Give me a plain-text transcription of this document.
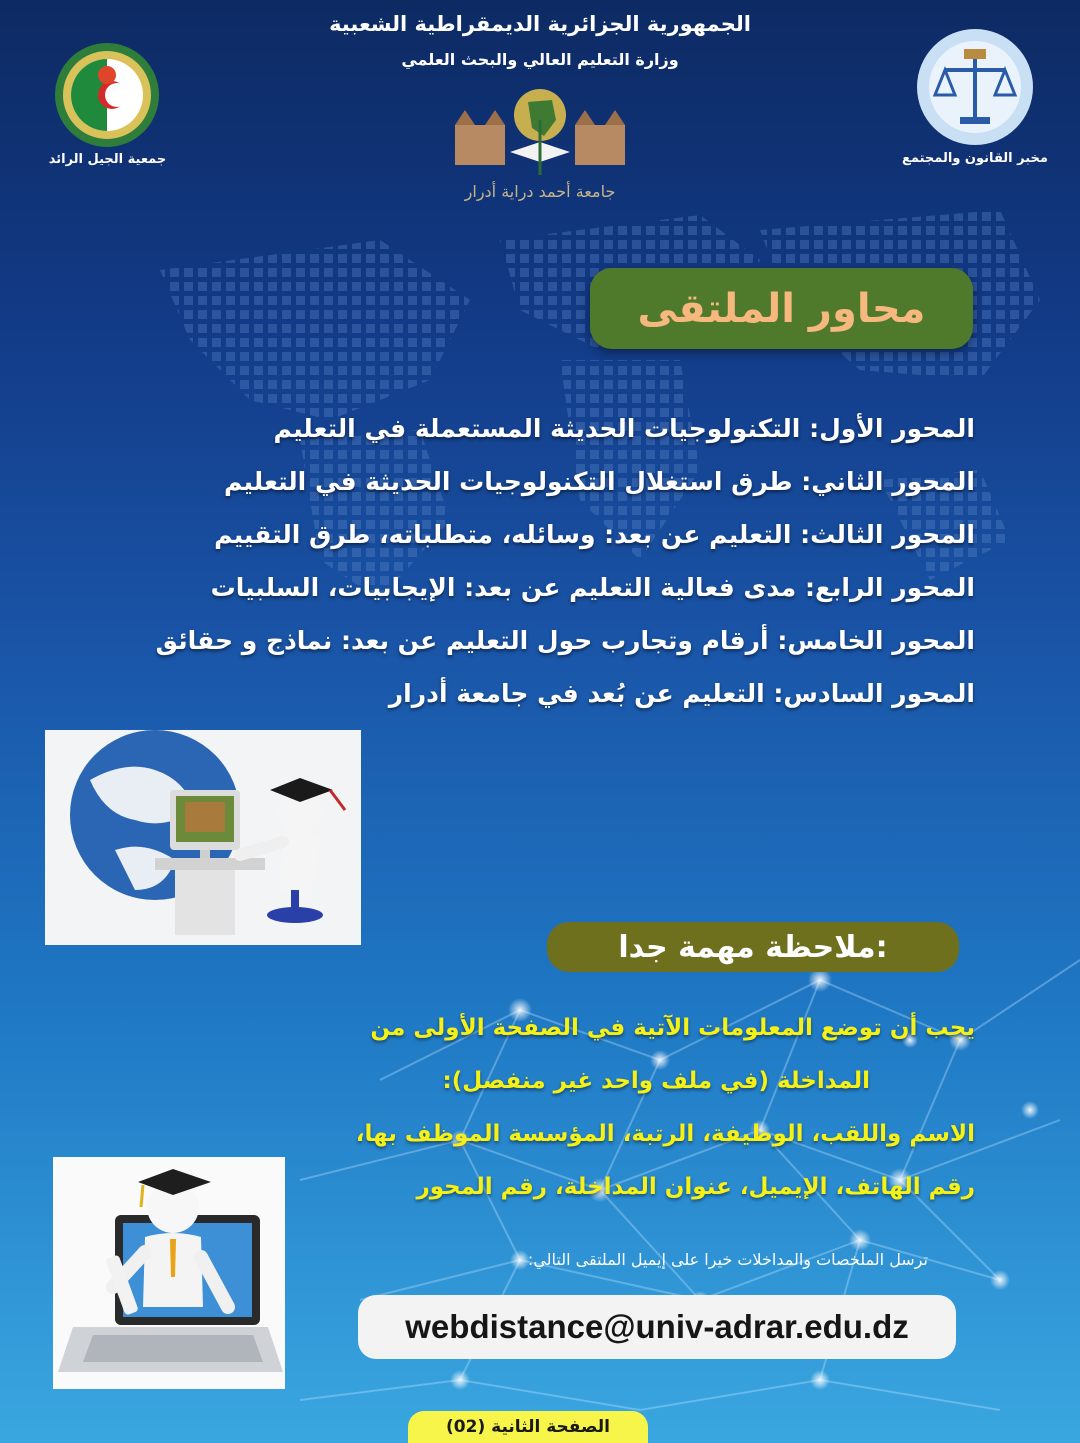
الجمهورية الجزائرية الديمقراطية الشعبية
وزارة التعليم العالي والبحث العلمي
جمعية الجيل الرائد
جامعة أحمد دراية أدرار
مخبر القانون والمجتمع
محاور الملتقى
المحور الأول: التكنولوجيات الحديثة المستعملة في التعليم
المحور الثاني: طرق استغلال التكنولوجيات الحديثة في التعليم
المحور الثالث: التعليم عن بعد: وسائله، متطلباته، طرق التقييم
المحور الرابع: مدى فعالية التعليم عن بعد: الإيجابيات، السلبيات
المحور الخامس: أرقام وتجارب حول التعليم عن بعد: نماذج و حقائق
المحور السادس: التعليم عن بُعد في جامعة أدرار
ملاحظة مهمة جدا:
يجب أن توضع المعلومات الآتية في الصفحة الأولى من
المداخلة (في ملف واحد غير منفصل):
الاسم واللقب، الوظيفة، الرتبة، المؤسسة الموظف بها،
رقم الهاتف، الإيميل، عنوان المداخلة، رقم المحور
ترسل الملخصات والمداخلات خيرا على إيميل الملتقى التالي:
webdistance@univ-adrar.edu.dz
الصفحة الثانية (02)
